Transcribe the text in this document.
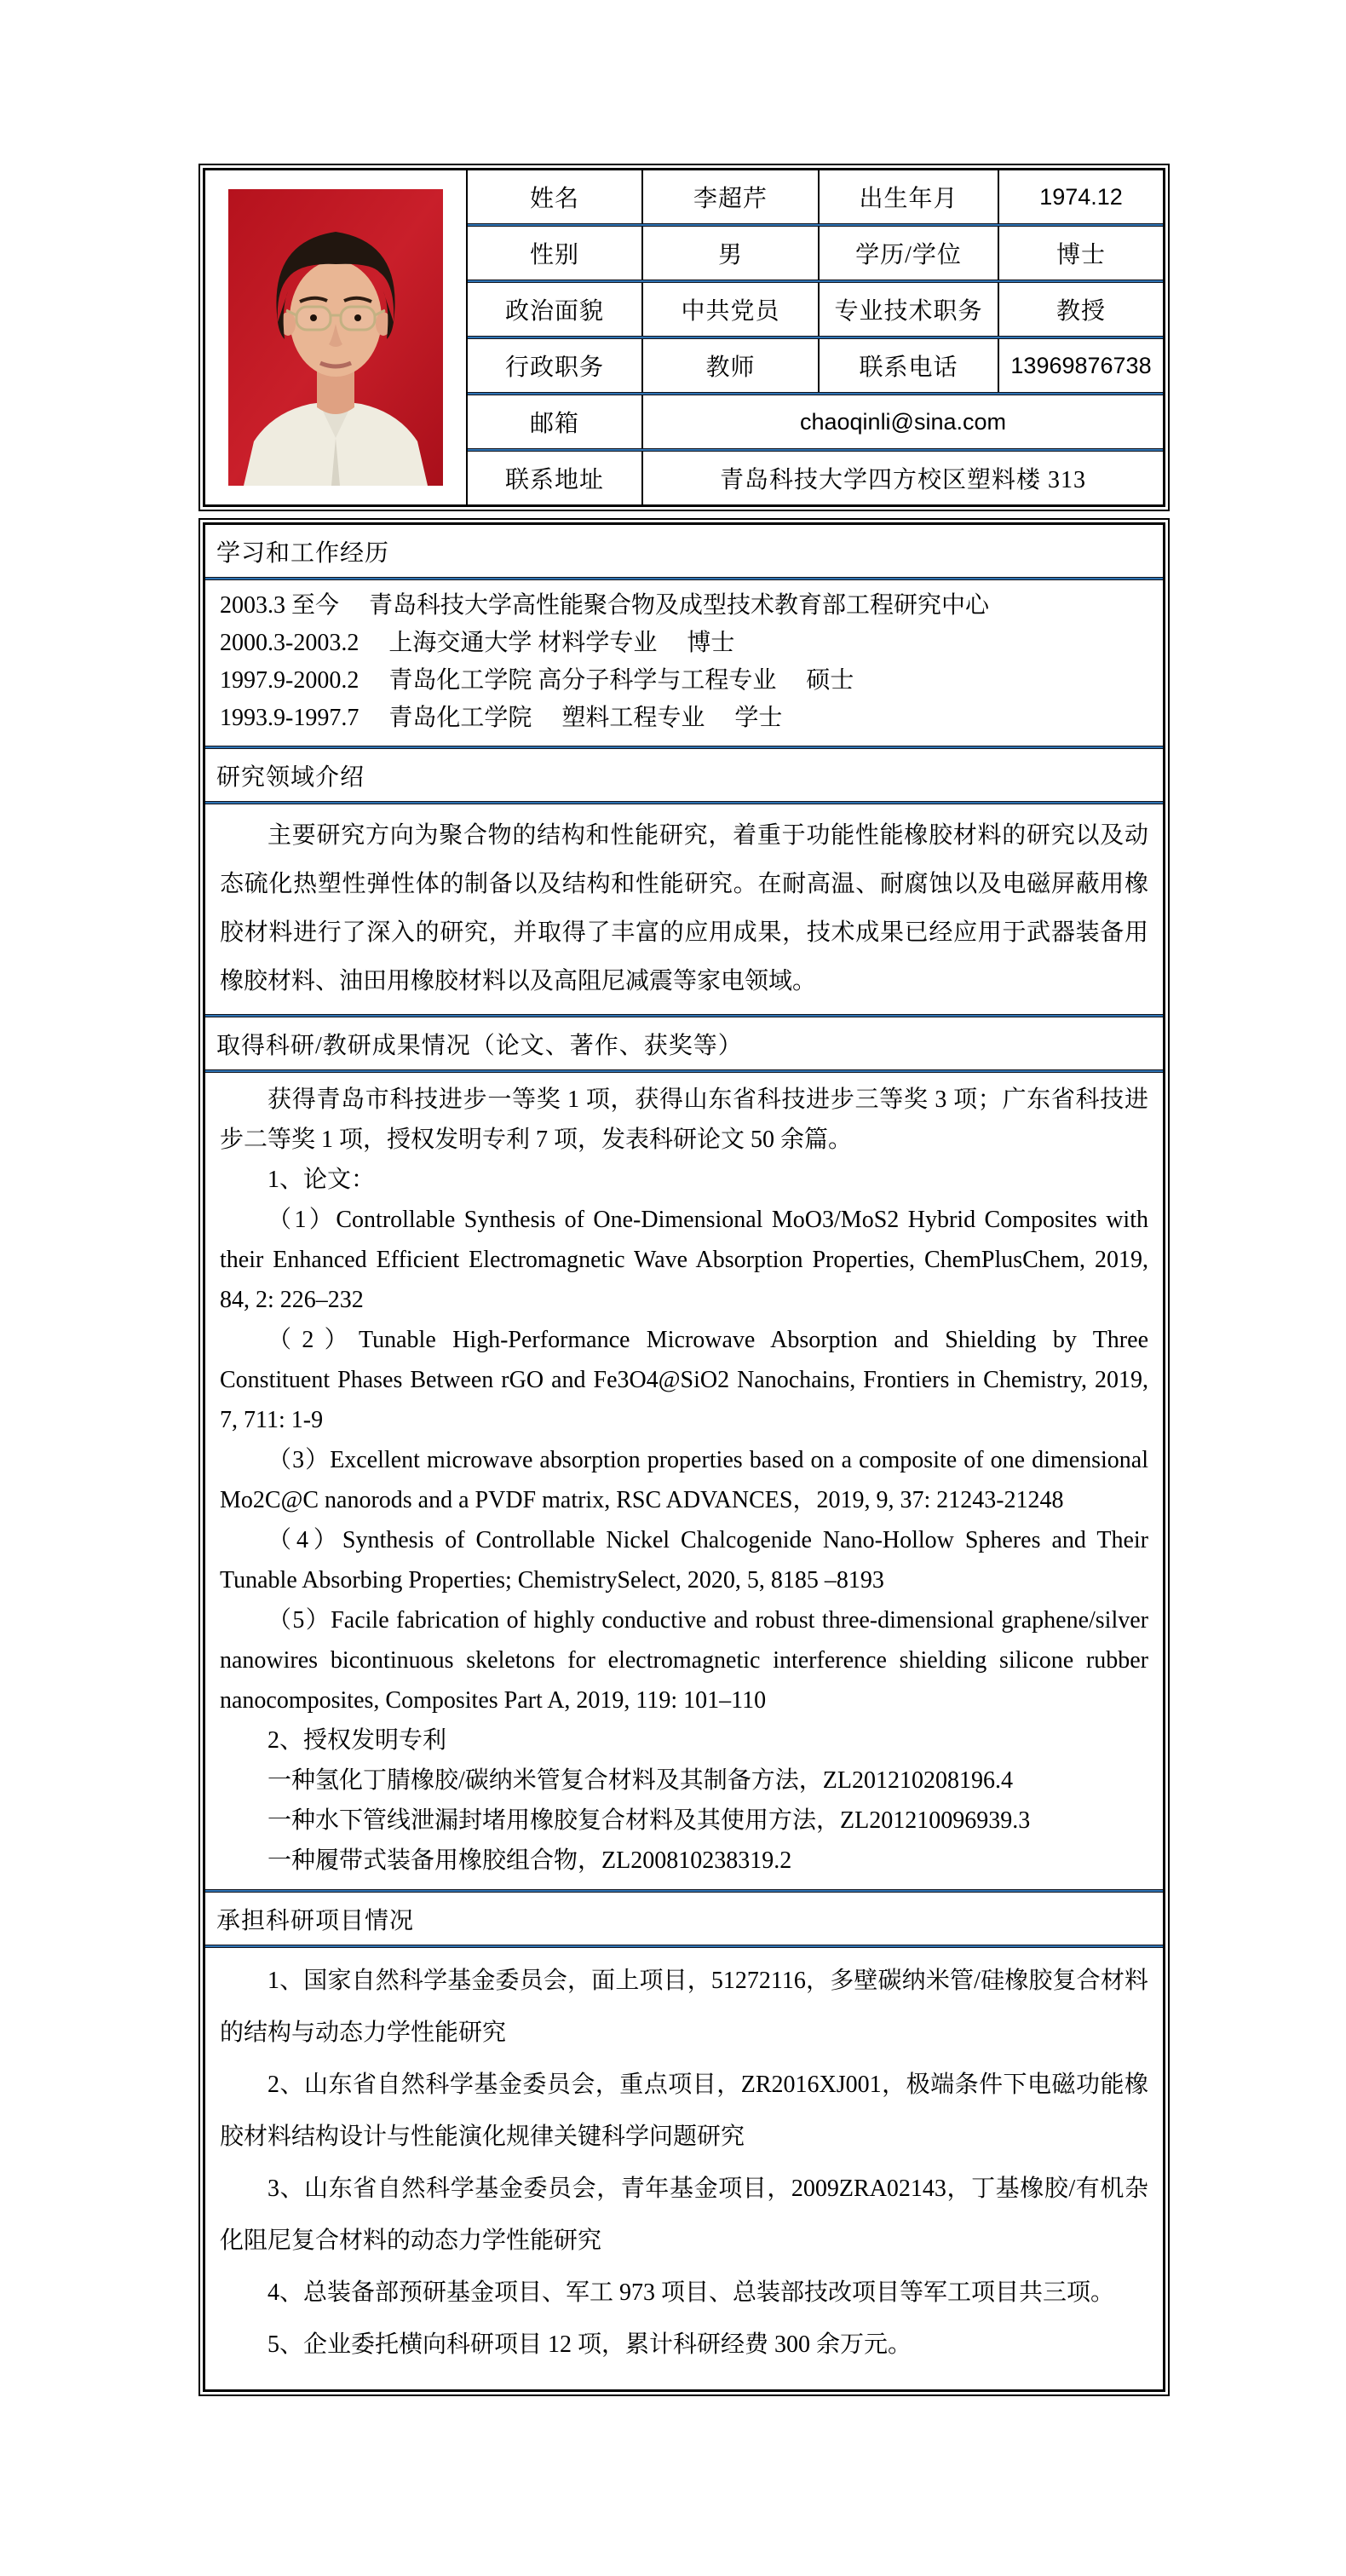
姓名	李超芹	出生年月	1974.12
性别	男	学历/学位	博士
政治面貌	中共党员	专业技术职务	教授
行政职务	教师	联系电话	13969876738
邮箱	chaoqinli@sina.com
联系地址	青岛科技大学四方校区塑料楼 313
学习和工作经历
2003.3 至今　 青岛科技大学高性能聚合物及成型技术教育部工程研究中心
2000.3-2003.2 　上海交通大学 材料学专业 　博士
1997.9-2000.2 　青岛化工学院 高分子科学与工程专业 　硕士
1993.9-1997.7 　青岛化工学院 　塑料工程专业 　学士
研究领域介绍

主要研究方向为聚合物的结构和性能研究，着重于功能性能橡胶材料的研究以及动态硫化热塑性弹性体的制备以及结构和性能研究。在耐高温、耐腐蚀以及电磁屏蔽用橡胶材料进行了深入的研究，并取得了丰富的应用成果，技术成果已经应用于武器装备用橡胶材料、油田用橡胶材料以及高阻尼减震等家电领域。

取得科研/教研成果情况（论文、著作、获奖等）

获得青岛市科技进步一等奖 1 项，获得山东省科技进步三等奖 3 项；广东省科技进步二等奖 1 项，授权发明专利 7 项，发表科研论文 50 余篇。

1、论文：

（1）Controllable Synthesis of One-Dimensional MoO3/MoS2 Hybrid Composites with their Enhanced Efficient Electromagnetic Wave Absorption Properties, ChemPlusChem, 2019, 84, 2: 226–232

（2）Tunable High-Performance Microwave Absorption and Shielding by Three Constituent Phases Between rGO and Fe3O4@SiO2 Nanochains, Frontiers in Chemistry, 2019, 7, 711: 1-9

（3）Excellent microwave absorption properties based on a composite of one dimensional Mo2C@C nanorods and a PVDF matrix, RSC ADVANCES，2019, 9, 37: 21243-21248

（4）Synthesis of Controllable Nickel Chalcogenide Nano-Hollow Spheres and Their Tunable Absorbing Properties; ChemistrySelect, 2020, 5, 8185 –8193

（5）Facile fabrication of highly conductive and robust three-dimensional graphene/silver nanowires bicontinuous skeletons for electromagnetic interference shielding silicone rubber nanocomposites, Composites Part A, 2019, 119: 101–110

2、授权发明专利

一种氢化丁腈橡胶/碳纳米管复合材料及其制备方法，ZL201210208196.4

一种水下管线泄漏封堵用橡胶复合材料及其使用方法，ZL201210096939.3

一种履带式装备用橡胶组合物，ZL200810238319.2

承担科研项目情况

1、国家自然科学基金委员会，面上项目，51272116，多壁碳纳米管/硅橡胶复合材料的结构与动态力学性能研究

2、山东省自然科学基金委员会，重点项目，ZR2016XJ001，极端条件下电磁功能橡胶材料结构设计与性能演化规律关键科学问题研究

3、山东省自然科学基金委员会，青年基金项目，2009ZRA02143，丁基橡胶/有机杂化阻尼复合材料的动态力学性能研究

4、总装备部预研基金项目、军工 973 项目、总装部技改项目等军工项目共三项。

5、企业委托横向科研项目 12 项，累计科研经费 300 余万元。
